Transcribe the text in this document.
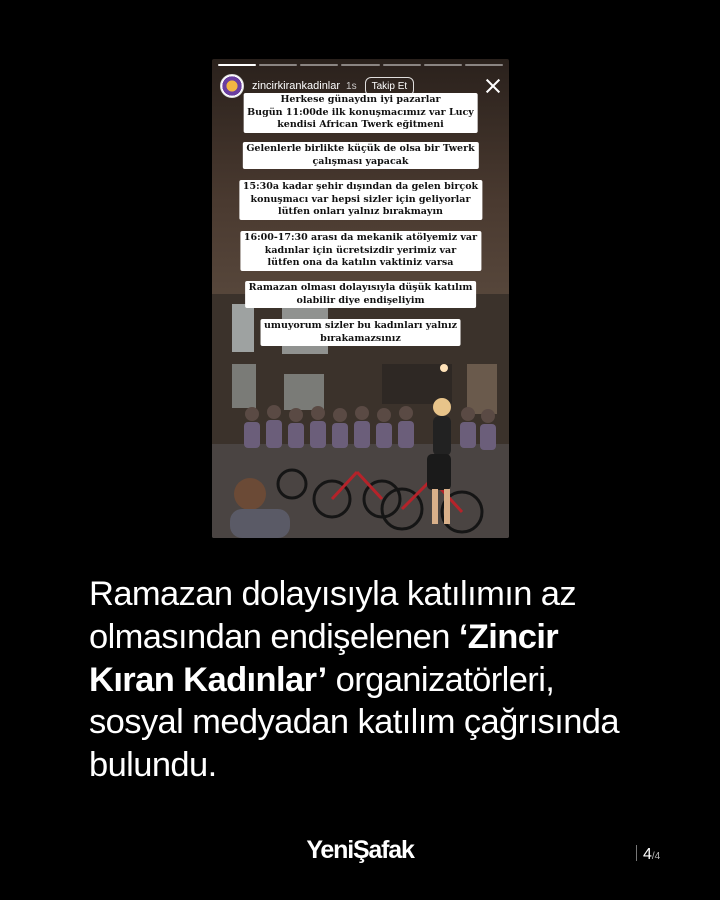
zincirkirankadinlar 1s	Takip Et
Herkese günaydın iyi pazarlar
Bugün 11:00de ilk konuşmacımız var Lucy
kendisi African Twerk eğitmeni
Gelenlerle birlikte küçük de olsa bir Twerk
çalışması yapacak
15:30a kadar şehir dışından da gelen birçok
konuşmacı var hepsi sizler için geliyorlar
lütfen onları yalnız bırakmayın
16:00-17:30 arası da mekanik atölyemiz var
kadınlar için ücretsizdir yerimiz var
lütfen ona da katılın vaktiniz varsa
Ramazan olması dolayısıyla düşük katılım
olabilir diye endişeliyim
umuyorum sizler bu kadınları yalnız
bırakamazsınız
Ramazan dolayısıyla katılımın az olmasından endişelenen ‘Zincir Kıran Kadınlar’ organizatörleri, sosyal medyadan katılım çağrısında bulundu.
YeniŞafak	4/4
